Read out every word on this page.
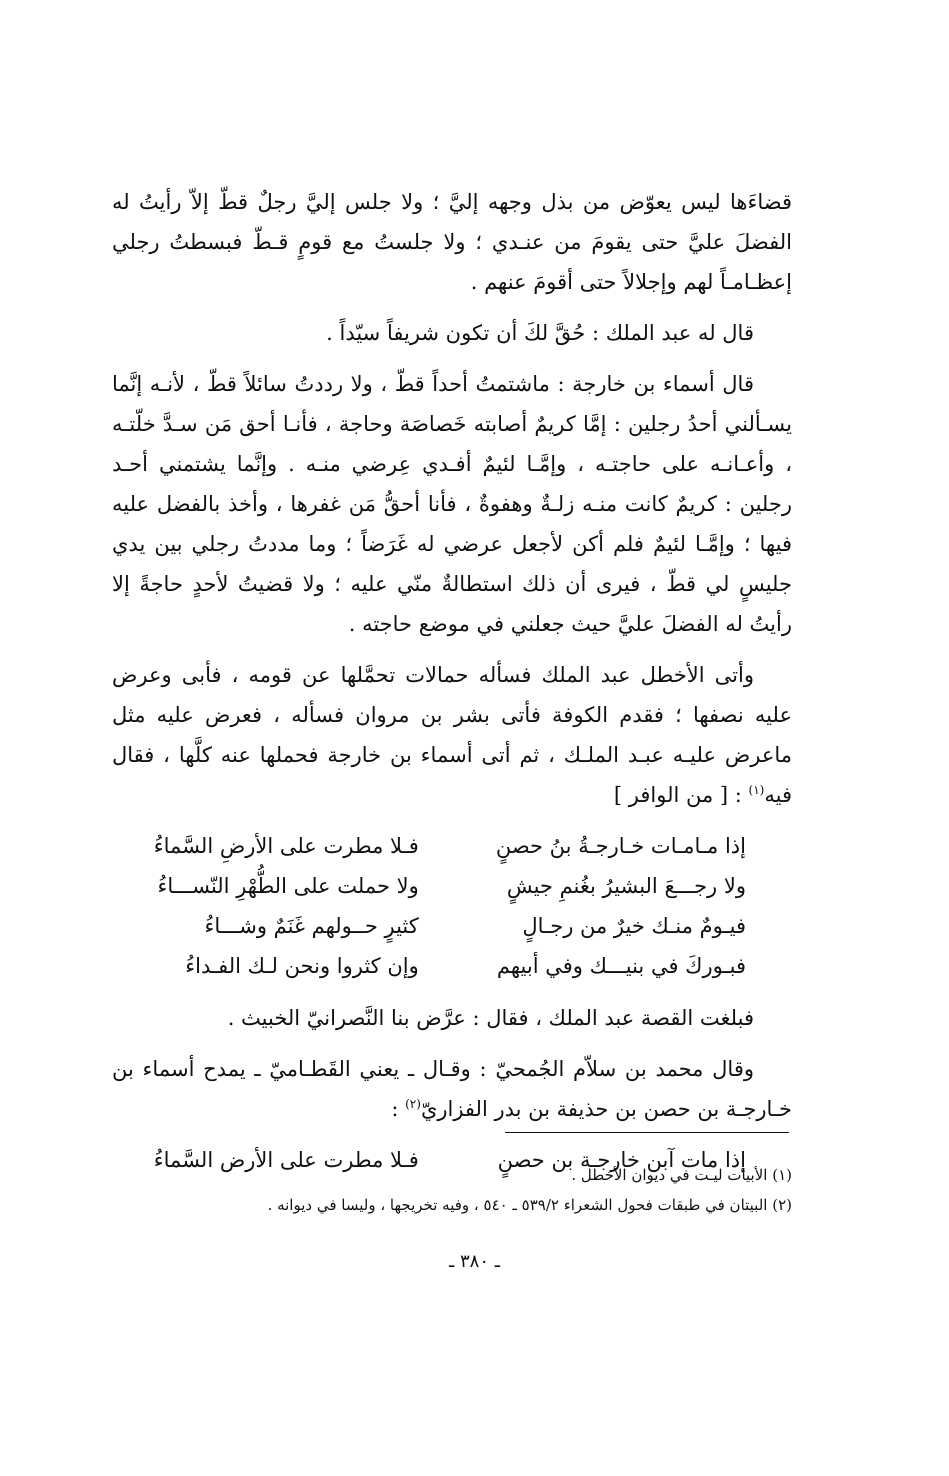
قضاءَها ليس يعوّض من بذل وجهه إليَّ ؛ ولا جلس إليَّ رجلٌ قطّ إلاّ رأيتُ له الفضلَ عليَّ حتى يقومَ من عنـدي ؛ ولا جلستُ مع قومٍ قـطّ فبسطتُ رجلي إعظـامـاً لهم وإجلالاً حتى أقومَ عنهم .

قال له عبد الملك : حُقَّ لكَ أن تكون شريفاً سيّداً .

قال أسماء بن خارجة : ماشتمتُ أحداً قطّ ، ولا رددتُ سائلاً قطّ ، لأنـه إنَّما يسـألني أحدُ رجلين : إمَّا كريمٌ أصابته خَصاصَة وحاجة ، فأنـا أحق مَن سـدَّ خلّتـه ، وأعـانـه على حاجتـه ، وإمَّـا لئيمٌ أفـدي عِرضي منـه . وإنَّما يشتمني أحـد رجلين : كريمٌ كانت منـه زلـةٌ وهفوةٌ ، فأنا أحقُّ مَن غفرها ، وأخذ بالفضل عليه فيها ؛ وإمَّـا لئيمٌ فلم أكن لأجعل عرضي له غَرَضاً ؛ وما مددتُ رجلي بين يدي جليسٍ لي قطّ ، فيرى أن ذلك استطالةٌ منّي عليه ؛ ولا قضيتُ لأحدٍ حاجةً إلا رأيتُ له الفضلَ عليَّ حيث جعلني في موضع حاجته .

وأتى الأخطل عبد الملك فسأله حمالات تحمَّلها عن قومه ، فأبى وعرض عليه نصفها ؛ فقدم الكوفة فأتى بشر بن مروان فسأله ، فعرض عليه مثل ماعرض عليـه عبـد الملـك ، ثم أتى أسماء بن خارجة فحملها عنه كلَّها ، فقال فيه$^{(١)}$ : [ من الوافر ]

إذا مـامـات خـارجـةُ بنُ حصنٍ
فـلا مطرت على الأرضِ السَّماءُ
ولا رجـــعَ البشيرُ بغُنمِ جيشٍ
ولا حملت على الطُّهْرِ النّســـاءُ
فيـومٌ منـك خيرٌ من رجـالٍ
كثيرٍ حــولهم غَنَمٌ وشـــاءُ
فبـوركَ في بنيـــك وفي أبيهم
وإن كثروا ونحن لـك الفـداءُ

فبلغت القصة عبد الملك ، فقال : عرَّض بنا النَّصرانيّ الخبيث .

وقال محمد بن سلاّم الجُمحيّ : وقـال ـ يعني القَطـاميّ ـ يمدح أسماء بن خـارجـة بن حصن بن حذيفة بن بدر الفزاريّ$^{(٢)}$ :

إذا مات آبن خارجـة بن حصنٍ
فـلا مطرت على الأرض السَّماءُ
(١) الأبيات ليـت في ديوان الأخطل .
(٢) البيتان في طبقات فحول الشعراء ٥٣٩/٢ ـ ٥٤٠ ، وفيه تخريجها ، وليسا في ديوانه .
ـ ٣٨٠ ـ
